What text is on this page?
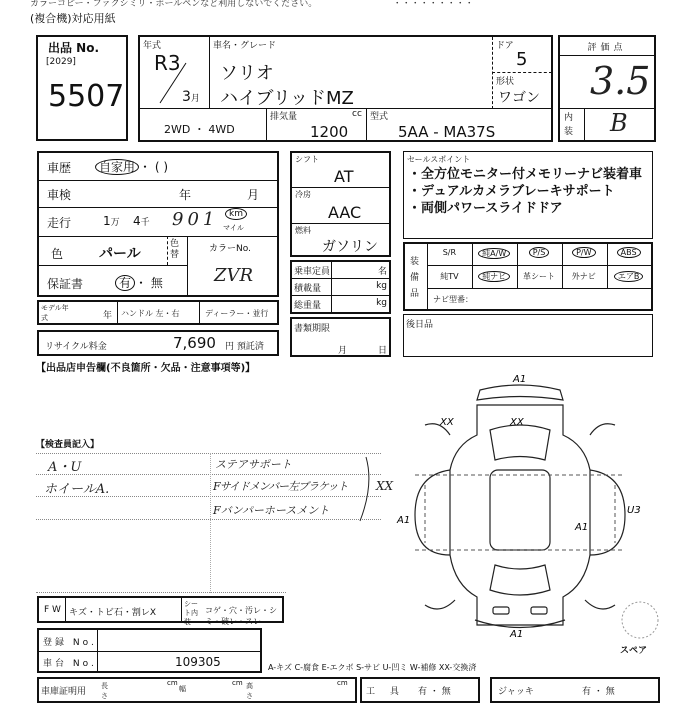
カラーコピー・ファクシミリ・ボールペンなど利用しないでください。	・・・・・・・・・
(複合機)対応用紙
出品 No.
[2029]
5507
年式
R3
3月
車名・グレード
ソリオ
ハイブリッドMZ
ドア
5
形状
ワゴン
2WD ・ 4WD
排気量	cc
1200
型式
5AA - MA37S
評価点
3.5
内装 B
車歴	自家用 ・ ( )
車検	年	月
走行	1万 4千 901	km
マイル
色	パール
色替
カラーNo.
ZVR
保証書	有 ・ 無
モデル年式	年 ハンドル 左・右	ディーラー・並行
リサイクル料金	7,690 円 預託済
【出品店申告欄(不良箇所・欠品・注意事項等)】
シフト
AT
冷房
AAC
燃料
ガソリン
乗車定員	名
積載量	kg
総重量	kg
書類期限
月	日
セールスポイント
・全方位モニター付メモリーナビ装着車
・デュアルカメラブレーキサポート
・両側パワースライドドア
装備品
S/R	純A/W	P/S	P/W	ABS
純TV	純ナビ	革シート	外ナビ	エアB
ナビ型番：
後日品
【検査員記入】
A・U
ホイールA.
ステアサポート
Fサイドメンバー左ブラケット
Fバンパーホースメント
XX
A1
XX	XX
A1
U3
A1
A1
スペア
F W キズ・トビ石・割レX
シート内装
コゲ・穴・汚レ・シミ・破レ・スレ
登録 No.
車台 No.	109305
車庫証明用
長さ
cm
幅
cm 高さ
cm
A-キズ C-腐食 E-エクボ S-サビ U-凹ミ W-補修 XX-交換済
工 具 有 ・ 無	ジャッキ	有 ・ 無
